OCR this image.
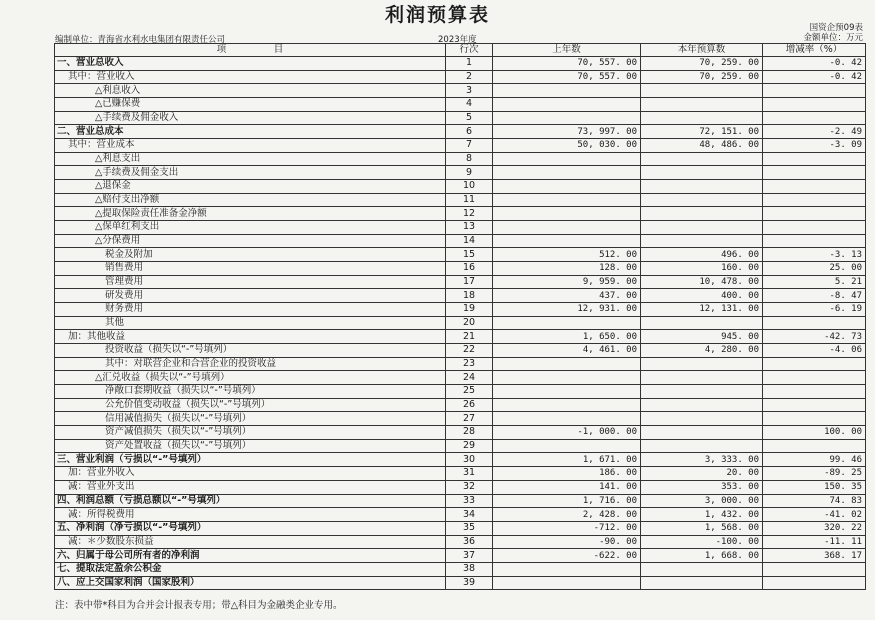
利润预算表
国资企预09表
金额单位：万元
编制单位：青海省水利水电集团有限责任公司	2023年度
项　　　　　目	行次	上年数	本年预算数	增减率（%）
一、营业总收入	1	70, 557. 00	70, 259. 00	-0. 42
其中：营业收入	2	70, 557. 00	70, 259. 00	-0. 42
△利息收入	3			
△已赚保费	4			
△手续费及佣金收入	5			
二、营业总成本	6	73, 997. 00	72, 151. 00	-2. 49
其中：营业成本	7	50, 030. 00	48, 486. 00	-3. 09
△利息支出	8			
△手续费及佣金支出	9			
△退保金	10			
△赔付支出净额	11			
△提取保险责任准备金净额	12			
△保单红利支出	13			
△分保费用	14			
税金及附加	15	512. 00	496. 00	-3. 13
销售费用	16	128. 00	160. 00	25. 00
管理费用	17	9, 959. 00	10, 478. 00	5. 21
研发费用	18	437. 00	400. 00	-8. 47
财务费用	19	12, 931. 00	12, 131. 00	-6. 19
其他	20			
加：其他收益	21	1, 650. 00	945. 00	-42. 73
投资收益（损失以“-”号填列）	22	4, 461. 00	4, 280. 00	-4. 06
其中：对联营企业和合营企业的投资收益	23			
△汇兑收益（损失以“-”号填列）	24			
净敞口套期收益（损失以“-”号填列）	25			
公允价值变动收益（损失以“-”号填列）	26			
信用减值损失（损失以“-”号填列）	27			
资产减值损失（损失以“-”号填列）	28	-1, 000. 00		100. 00
资产处置收益（损失以“-”号填列）	29			
三、营业利润（亏损以“-”号填列）	30	1, 671. 00	3, 333. 00	99. 46
加：营业外收入	31	186. 00	20. 00	-89. 25
减：营业外支出	32	141. 00	353. 00	150. 35
四、利润总额（亏损总额以“-”号填列）	33	1, 716. 00	3, 000. 00	74. 83
减：所得税费用	34	2, 428. 00	1, 432. 00	-41. 02
五、净利润（净亏损以“-”号填列）	35	-712. 00	1, 568. 00	320. 22
减：＊少数股东损益	36	-90. 00	-100. 00	-11. 11
六、归属于母公司所有者的净利润	37	-622. 00	1, 668. 00	368. 17
七、提取法定盈余公积金	38			
八、应上交国家利润（国家股利）	39			
注：表中带*科目为合并会计报表专用；带△科目为金融类企业专用。
